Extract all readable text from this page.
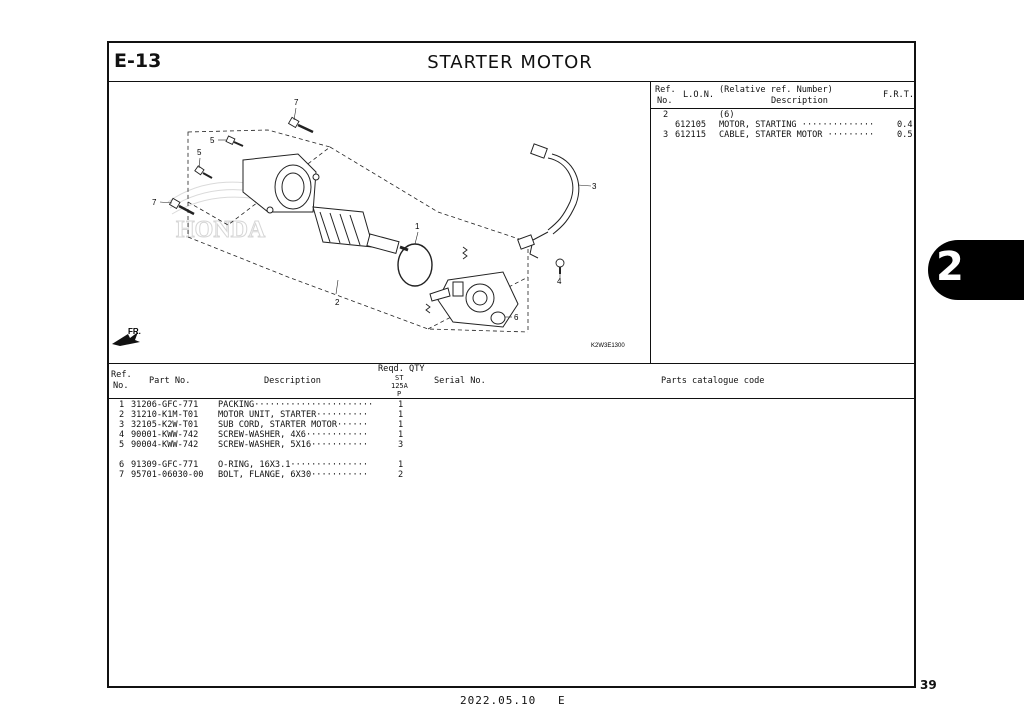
E-13	STARTER MOTOR
2
HONDA
FR.
7
5
5
7
1
2
3
4
6
K2W3E1300
Ref.
No.
L.O.N. (Relative ref. Number)
Description
F.R.T.
2	(6)
612105 MOTOR, STARTING ··············	0.4
3 612115 CABLE, STARTER MOTOR ·········	0.5
Ref.
No. Part No.	Description
Reqd. QTY
ST
125A
P
Serial No.	Parts catalogue code
1 31206-GFC-771 PACKING·······················	1
2 31210-K1M-T01 MOTOR UNIT, STARTER··········	1
3 32105-K2W-T01 SUB CORD, STARTER MOTOR······	1
4 90001-KWW-742 SCREW-WASHER, 4X6············	1
5 90004-KWW-742 SCREW-WASHER, 5X16···········	3
6 91309-GFC-771 O-RING, 16X3.1···············	1
7 95701-06030-00 BOLT, FLANGE, 6X30···········	2
39
2022.05.10 E
